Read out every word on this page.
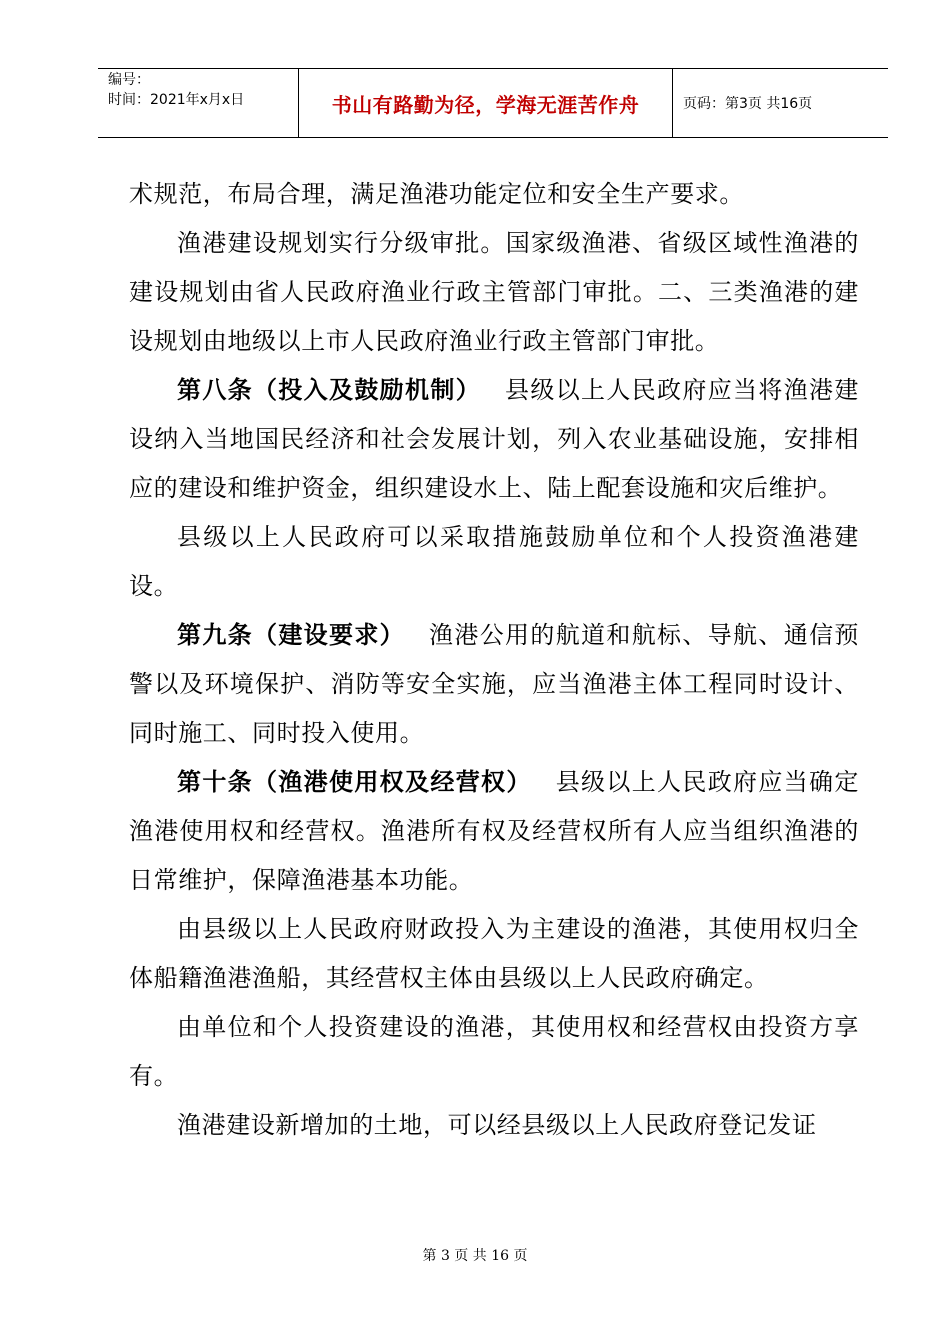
编号：
时间：2021年x月x日	书山有路勤为径，学海无涯苦作舟	页码：第3页 共16页

术规范，布局合理，满足渔港功能定位和安全生产要求。

渔港建设规划实行分级审批。国家级渔港、省级区域性渔港的建设规划由省人民政府渔业行政主管部门审批。二、三类渔港的建设规划由地级以上市人民政府渔业行政主管部门审批。

第八条（投入及鼓励机制） 县级以上人民政府应当将渔港建设纳入当地国民经济和社会发展计划，列入农业基础设施，安排相应的建设和维护资金，组织建设水上、陆上配套设施和灾后维护。

县级以上人民政府可以采取措施鼓励单位和个人投资渔港建设。

第九条（建设要求） 渔港公用的航道和航标、导航、通信预警以及环境保护、消防等安全实施，应当渔港主体工程同时设计、同时施工、同时投入使用。

第十条（渔港使用权及经营权） 县级以上人民政府应当确定渔港使用权和经营权。渔港所有权及经营权所有人应当组织渔港的日常维护，保障渔港基本功能。

由县级以上人民政府财政投入为主建设的渔港，其使用权归全体船籍渔港渔船，其经营权主体由县级以上人民政府确定。

由单位和个人投资建设的渔港，其使用权和经营权由投资方享有。

渔港建设新增加的土地，可以经县级以上人民政府登记发证

第 3 页 共 16 页
